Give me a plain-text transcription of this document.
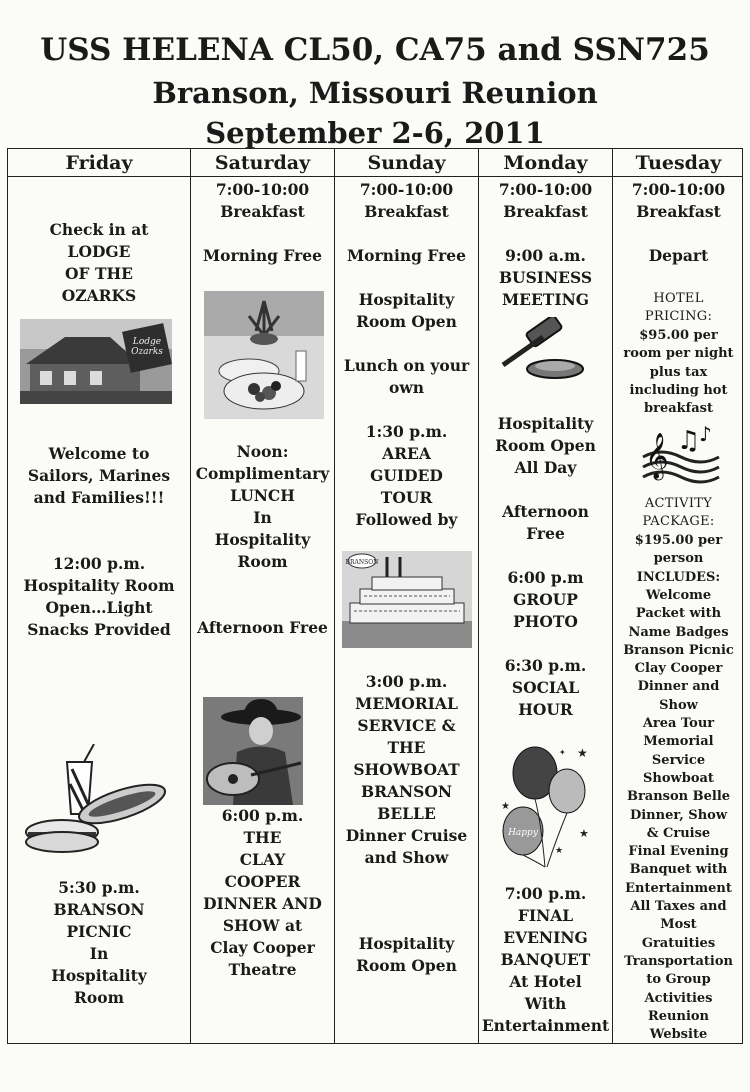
USS HELENA CL50, CA75 and SSN725
Branson, Missouri Reunion
September 2-6, 2011
Friday
Check in at
LODGE
OF THE
OZARKS
Lodge Ozarks
Welcome to
Sailors, Marines
and Families!!!
12:00 p.m.
Hospitality Room
Open…Light
Snacks Provided
5:30 p.m.
BRANSON
PICNIC
In
Hospitality
Room
Saturday
7:00-10:00
Breakfast
Morning Free
Noon:
Complimentary
LUNCH
In
Hospitality
Room
Afternoon Free
6:00 p.m.
THE
CLAY
COOPER
DINNER AND
SHOW at
Clay Cooper
Theatre
Sunday
7:00-10:00
Breakfast
Morning Free
Hospitality
Room Open
Lunch on your
own
1:30 p.m.
AREA
GUIDED
TOUR
Followed by
BRANSON
3:00 p.m.
MEMORIAL
SERVICE &
THE
SHOWBOAT
BRANSON
BELLE
Dinner Cruise
and Show
Hospitality
Room Open
Monday
7:00-10:00
Breakfast
9:00 a.m.
BUSINESS
MEETING
Hospitality
Room Open
All Day
Afternoon
Free
6:00 p.m
GROUP
PHOTO
6:30 p.m.
SOCIAL
HOUR
Happy
★
★
★
★
✦
7:00 p.m.
FINAL
EVENING
BANQUET
At Hotel
With
Entertainment
Tuesday
7:00-10:00
Breakfast
Depart
HOTEL
PRICING:
$95.00 per
room per night
plus tax
including hot
breakfast
𝄞 ♫
♪
ACTIVITY
PACKAGE:
$195.00 per
person
INCLUDES:
Welcome
Packet with
Name Badges
Branson Picnic
Clay Cooper
Dinner and
Show
Area Tour
Memorial
Service
Showboat
Branson Belle
Dinner, Show
& Cruise
Final Evening
Banquet with
Entertainment
All Taxes and
Most
Gratuities
Transportation
to Group
Activities
Reunion
Website
